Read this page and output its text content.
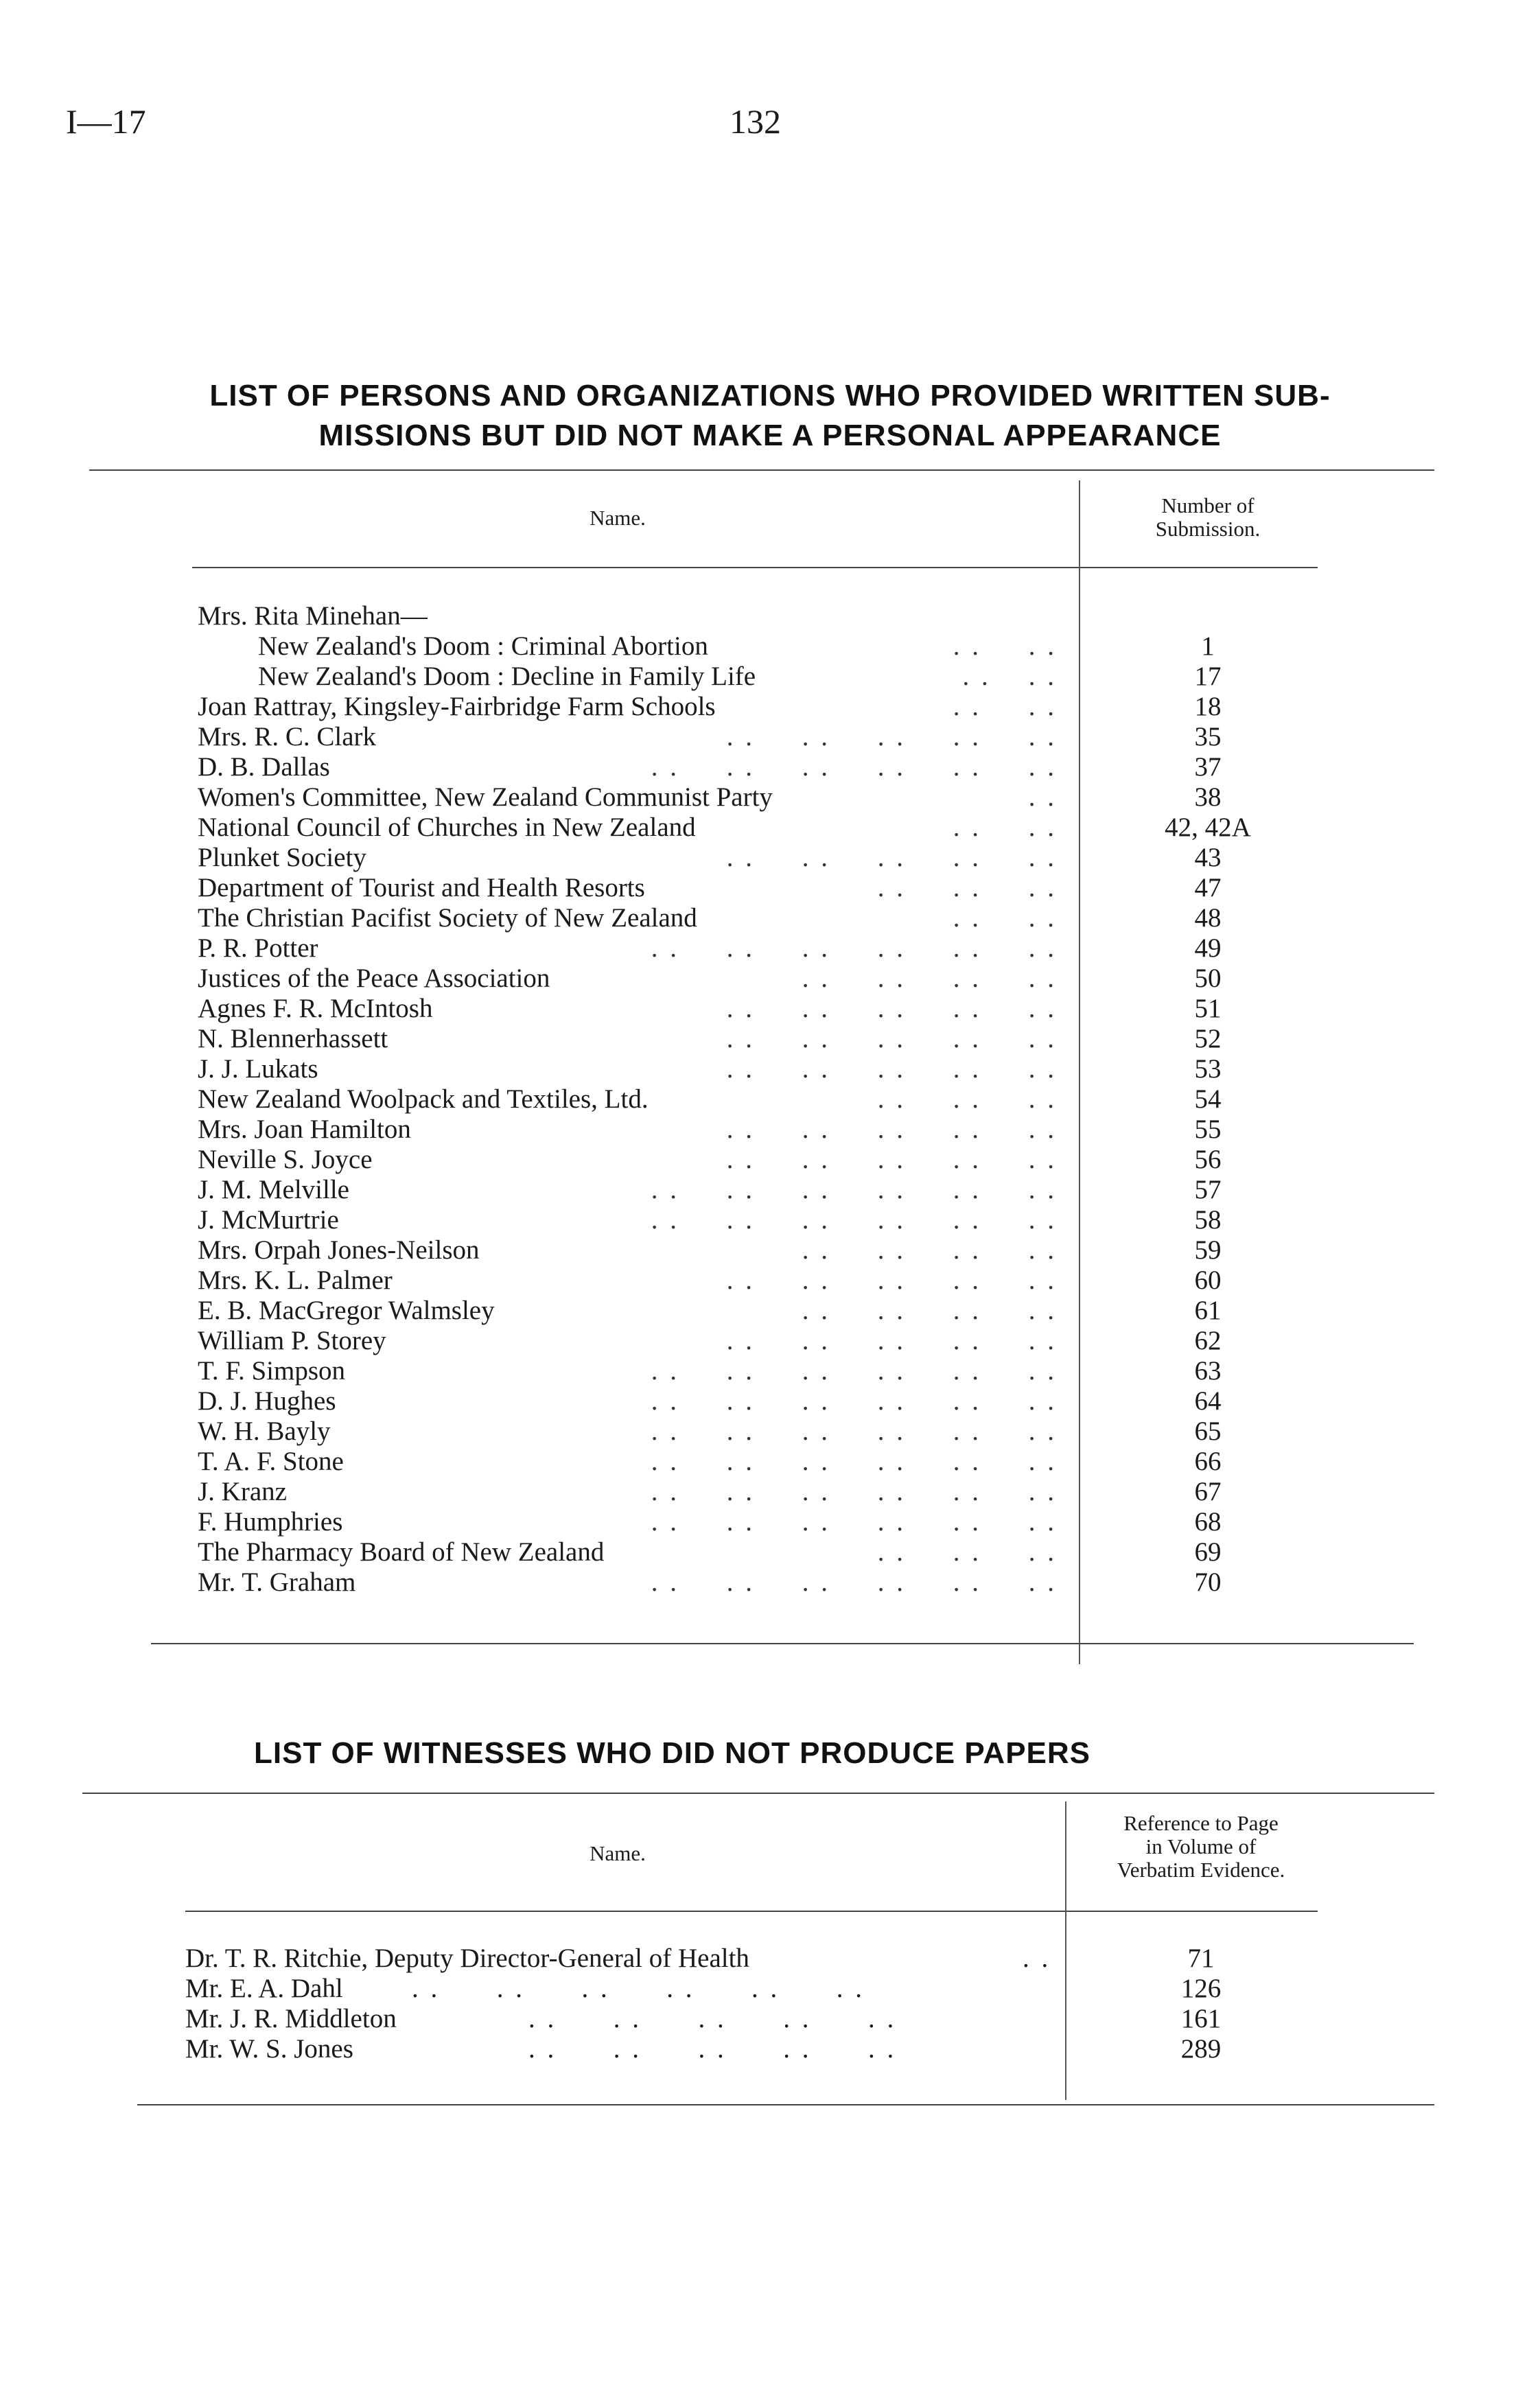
I—17	132
LIST OF PERSONS AND ORGANIZATIONS WHO PROVIDED WRITTEN SUB-
MISSIONS BUT DID NOT MAKE A PERSONAL APPEARANCE
Name.
Number of
Submission.
Mrs. Rita Minehan—
New Zealand's Doom : Criminal Abortion	. .     . .	1
New Zealand's Doom : Decline in Family Life	. .    . .	17
Joan Rattray, Kingsley-Fairbridge Farm Schools	. .     . .	18
Mrs. R. C. Clark	. .     . .     . .     . .     . .	35
D. B. Dallas	. .     . .     . .     . .     . .     . .	37
Women's Committee, New Zealand Communist Party	. .	38
National Council of Churches in New Zealand	. .     . .	42, 42A
Plunket Society	. .     . .     . .     . .     . .	43
Department of Tourist and Health Resorts	. .     . .     . .	47
The Christian Pacifist Society of New Zealand	. .     . .	48
P. R. Potter	. .     . .     . .     . .     . .     . .	49
Justices of the Peace Association	. .     . .     . .     . .	50
Agnes F. R. McIntosh	. .     . .     . .     . .     . .	51
N. Blennerhassett	. .     . .     . .     . .     . .	52
J. J. Lukats	. .     . .     . .     . .     . .	53
New Zealand Woolpack and Textiles, Ltd.	. .     . .     . .	54
Mrs. Joan Hamilton	. .     . .     . .     . .     . .	55
Neville S. Joyce	. .     . .     . .     . .     . .	56
J. M. Melville	. .     . .     . .     . .     . .     . .	57
J. McMurtrie	. .     . .     . .     . .     . .     . .	58
Mrs. Orpah Jones-Neilson	. .     . .     . .     . .	59
Mrs. K. L. Palmer	. .     . .     . .     . .     . .	60
E. B. MacGregor Walmsley	. .     . .     . .     . .	61
William P. Storey	. .     . .     . .     . .     . .	62
T. F. Simpson	. .     . .     . .     . .     . .     . .	63
D. J. Hughes	. .     . .     . .     . .     . .     . .	64
W. H. Bayly	. .     . .     . .     . .     . .     . .	65
T. A. F. Stone	. .     . .     . .     . .     . .     . .	66
J. Kranz	. .     . .     . .     . .     . .     . .	67
F. Humphries	. .     . .     . .     . .     . .     . .	68
The Pharmacy Board of New Zealand	. .     . .     . .	69
Mr. T. Graham	. .     . .     . .     . .     . .     . .	70
LIST OF WITNESSES WHO DID NOT PRODUCE PAPERS
Name.
Reference to Page
in Volume of
Verbatim Evidence.
Dr. T. R. Ritchie, Deputy Director-General of Health	. .	71
Mr. E. A. Dahl	. .      . .      . .      . .      . .      . .	126
Mr. J. R. Middleton	. .      . .      . .      . .      . .	161
Mr. W. S. Jones	. .      . .      . .      . .      . .	289
